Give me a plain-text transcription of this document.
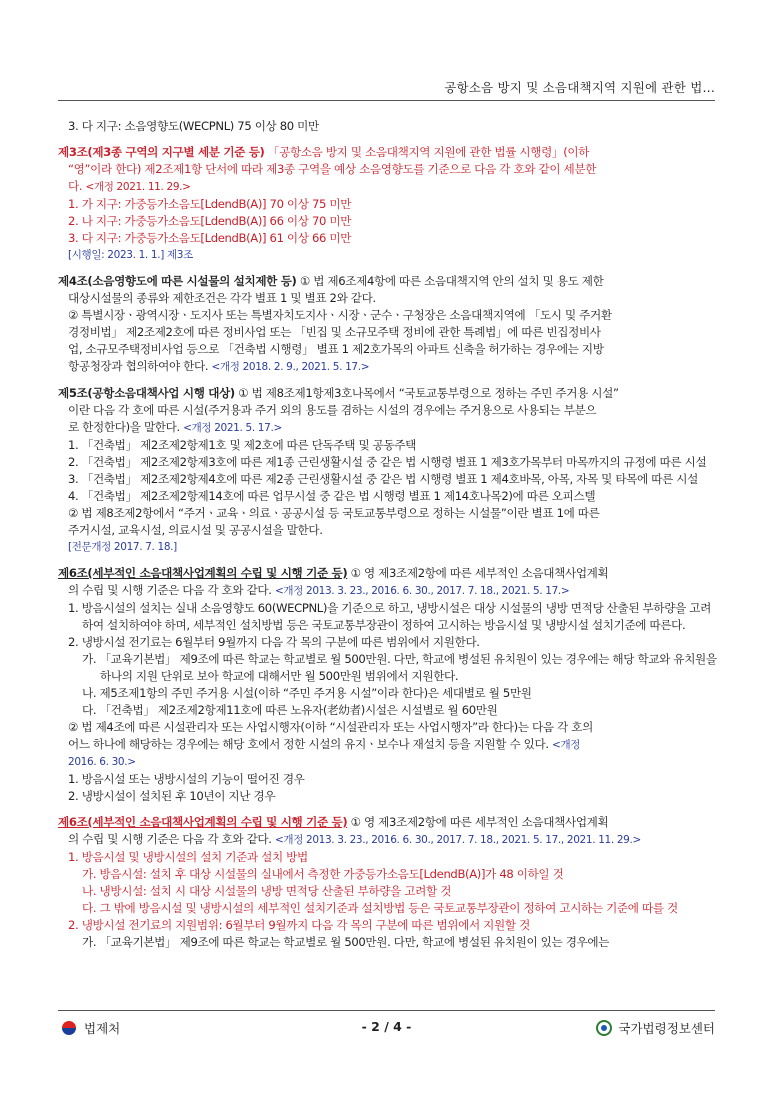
공항소음 방지 및 소음대책지역 지원에 관한 법...

3. 다 지구: 소음영향도(WECPNL) 75 이상 80 미만

제3조(제3종 구역의 지구별 세분 기준 등) 「공항소음 방지 및 소음대책지역 지원에 관한 법률 시행령」(이하

“영”이라 한다) 제2조제1항 단서에 따라 제3종 구역을 예상 소음영향도를 기준으로 다음 각 호와 같이 세분한

다. <개정 2021. 11. 29.>

1. 가 지구: 가중등가소음도[LdendB(A)] 70 이상 75 미만

2. 나 지구: 가중등가소음도[LdendB(A)] 66 이상 70 미만

3. 다 지구: 가중등가소음도[LdendB(A)] 61 이상 66 미만

[시행일: 2023. 1. 1.] 제3조

제4조(소음영향도에 따른 시설물의 설치제한 등) ① 법 제6조제4항에 따른 소음대책지역 안의 설치 및 용도 제한

대상시설물의 종류와 제한조건은 각각 별표 1 및 별표 2와 같다.

② 특별시장ㆍ광역시장ㆍ도지사 또는 특별자치도지사ㆍ시장ㆍ군수ㆍ구청장은 소음대책지역에 「도시 및 주거환

경정비법」 제2조제2호에 따른 정비사업 또는 「빈집 및 소규모주택 정비에 관한 특례법」에 따른 빈집정비사

업, 소규모주택정비사업 등으로 「건축법 시행령」 별표 1 제2호가목의 아파트 신축을 허가하는 경우에는 지방

항공청장과 협의하여야 한다. <개정 2018. 2. 9., 2021. 5. 17.>

제5조(공항소음대책사업 시행 대상) ① 법 제8조제1항제3호나목에서 “국토교통부령으로 정하는 주민 주거용 시설”

이란 다음 각 호에 따른 시설(주거용과 주거 외의 용도를 겸하는 시설의 경우에는 주거용으로 사용되는 부분으

로 한정한다)을 말한다. <개정 2021. 5. 17.>

1. 「건축법」 제2조제2항제1호 및 제2호에 따른 단독주택 및 공동주택

2. 「건축법」 제2조제2항제3호에 따른 제1종 근린생활시설 중 같은 법 시행령 별표 1 제3호가목부터 마목까지의 규정에 따른 시설

3. 「건축법」 제2조제2항제4호에 따른 제2종 근린생활시설 중 같은 법 시행령 별표 1 제4호바목, 아목, 자목 및 타목에 따른 시설

4. 「건축법」 제2조제2항제14호에 따른 업무시설 중 같은 법 시행령 별표 1 제14호나목2)에 따른 오피스텔

② 법 제8조제2항에서 “주거ㆍ교육ㆍ의료ㆍ공공시설 등 국토교통부령으로 정하는 시설물”이란 별표 1에 따른

주거시설, 교육시설, 의료시설 및 공공시설을 말한다.

[전문개정 2017. 7. 18.]

제6조(세부적인 소음대책사업계획의 수립 및 시행 기준 등) ① 영 제3조제2항에 따른 세부적인 소음대책사업계획

의 수립 및 시행 기준은 다음 각 호와 같다. <개정 2013. 3. 23., 2016. 6. 30., 2017. 7. 18., 2021. 5. 17.>

1. 방음시설의 설치는 실내 소음영향도 60(WECPNL)을 기준으로 하고, 냉방시설은 대상 시설물의 냉방 면적당 산출된 부하량을 고려하여 설치하여야 하며, 세부적인 설치방법 등은 국토교통부장관이 정하여 고시하는 방음시설 및 냉방시설 설치기준에 따른다.

2. 냉방시설 전기료는 6월부터 9월까지 다음 각 목의 구분에 따른 범위에서 지원한다.

가. 「교육기본법」 제9조에 따른 학교는 학교별로 월 500만원. 다만, 학교에 병설된 유치원이 있는 경우에는 해당 학교와 유치원을 하나의 지원 단위로 보아 학교에 대해서만 월 500만원 범위에서 지원한다.

나. 제5조제1항의 주민 주거용 시설(이하 “주민 주거용 시설”이라 한다)은 세대별로 월 5만원

다. 「건축법」 제2조제2항제11호에 따른 노유자(老幼者)시설은 시설별로 월 60만원

② 법 제4조에 따른 시설관리자 또는 사업시행자(이하 “시설관리자 또는 사업시행자”라 한다)는 다음 각 호의

어느 하나에 해당하는 경우에는 해당 호에서 정한 시설의 유지ㆍ보수나 재설치 등을 지원할 수 있다. <개정

2016. 6. 30.>

1. 방음시설 또는 냉방시설의 기능이 떨어진 경우

2. 냉방시설이 설치된 후 10년이 지난 경우

제6조(세부적인 소음대책사업계획의 수립 및 시행 기준 등) ① 영 제3조제2항에 따른 세부적인 소음대책사업계획

의 수립 및 시행 기준은 다음 각 호와 같다. <개정 2013. 3. 23., 2016. 6. 30., 2017. 7. 18., 2021. 5. 17., 2021. 11. 29.>

1. 방음시설 및 냉방시설의 설치 기준과 설치 방법

가. 방음시설: 설치 후 대상 시설물의 실내에서 측정한 가중등가소음도[LdendB(A)]가 48 이하일 것

나. 냉방시설: 설치 시 대상 시설물의 냉방 면적당 산출된 부하량을 고려할 것

다. 그 밖에 방음시설 및 냉방시설의 세부적인 설치기준과 설치방법 등은 국토교통부장관이 정하여 고시하는 기준에 따를 것

2. 냉방시설 전기료의 지원범위: 6월부터 9월까지 다음 각 목의 구분에 따른 범위에서 지원할 것

가. 「교육기본법」 제9조에 따른 학교는 학교별로 월 500만원. 다만, 학교에 병설된 유치원이 있는 경우에는

법제처	- 2 / 4 -	국가법령정보센터
